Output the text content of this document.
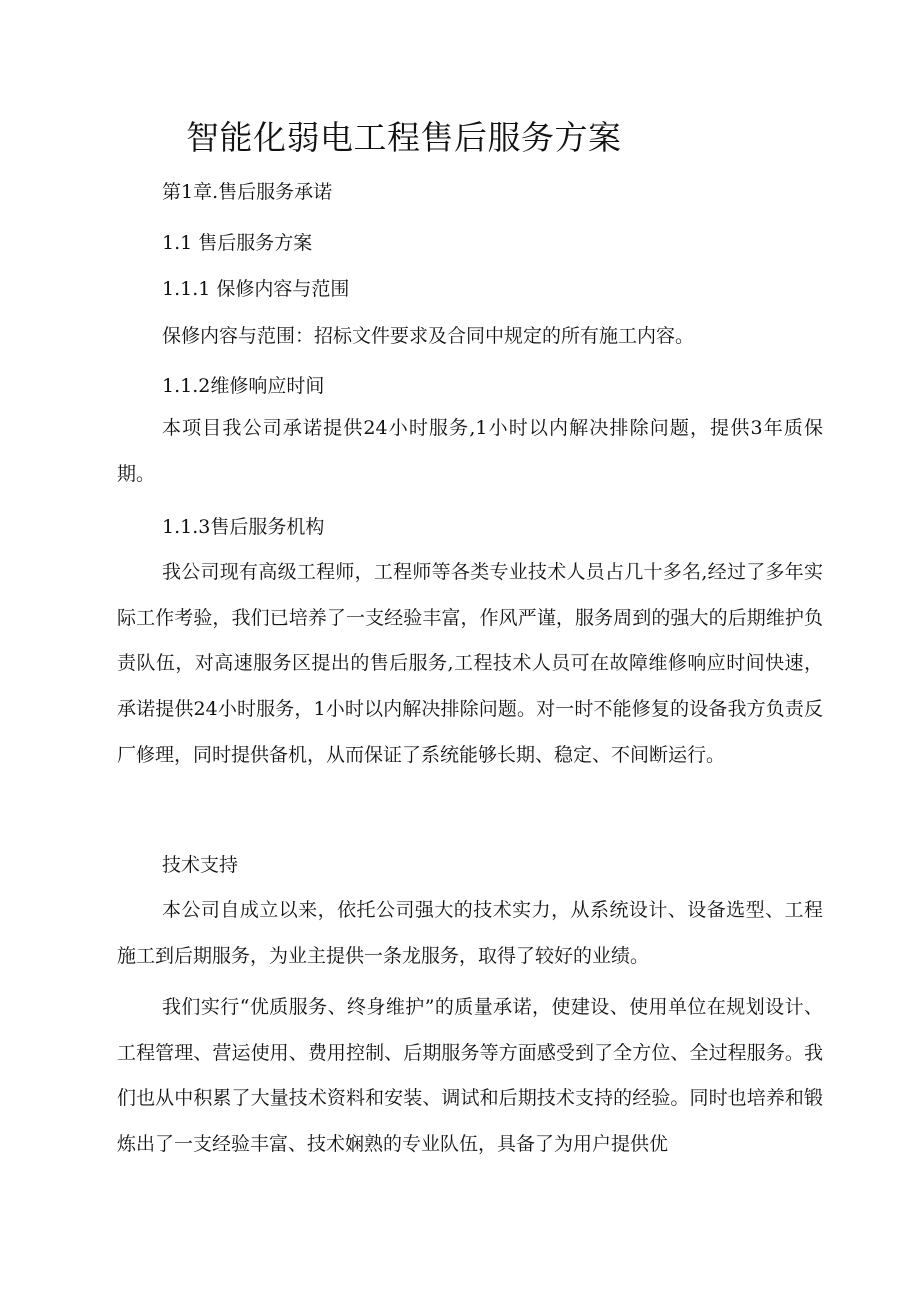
智能化弱电工程售后服务方案
第1章.售后服务承诺
1.1 售后服务方案
1.1.1 保修内容与范围
保修内容与范围：招标文件要求及合同中规定的所有施工内容。
1.1.2维修响应时间

本项目我公司承诺提供24小时服务,1小时以内解决排除问题，提供3年质保期。

1.1.3售后服务机构

我公司现有高级工程师，工程师等各类专业技术人员占几十多名,经过了多年实际工作考验，我们已培养了一支经验丰富，作风严谨，服务周到的强大的后期维护负责队伍，对高速服务区提出的售后服务,工程技术人员可在故障维修响应时间快速，承诺提供24小时服务，1小时以内解决排除问题。对一时不能修复的设备我方负责反厂修理，同时提供备机，从而保证了系统能够长期、稳定、不间断运行。

技术支持

本公司自成立以来，依托公司强大的技术实力，从系统设计、设备选型、工程施工到后期服务，为业主提供一条龙服务，取得了较好的业绩。

我们实行“优质服务、终身维护”的质量承诺，使建设、使用单位在规划设计、工程管理、营运使用、费用控制、后期服务等方面感受到了全方位、全过程服务。我们也从中积累了大量技术资料和安装、调试和后期技术支持的经验。同时也培养和锻炼出了一支经验丰富、技术娴熟的专业队伍，具备了为用户提供优
